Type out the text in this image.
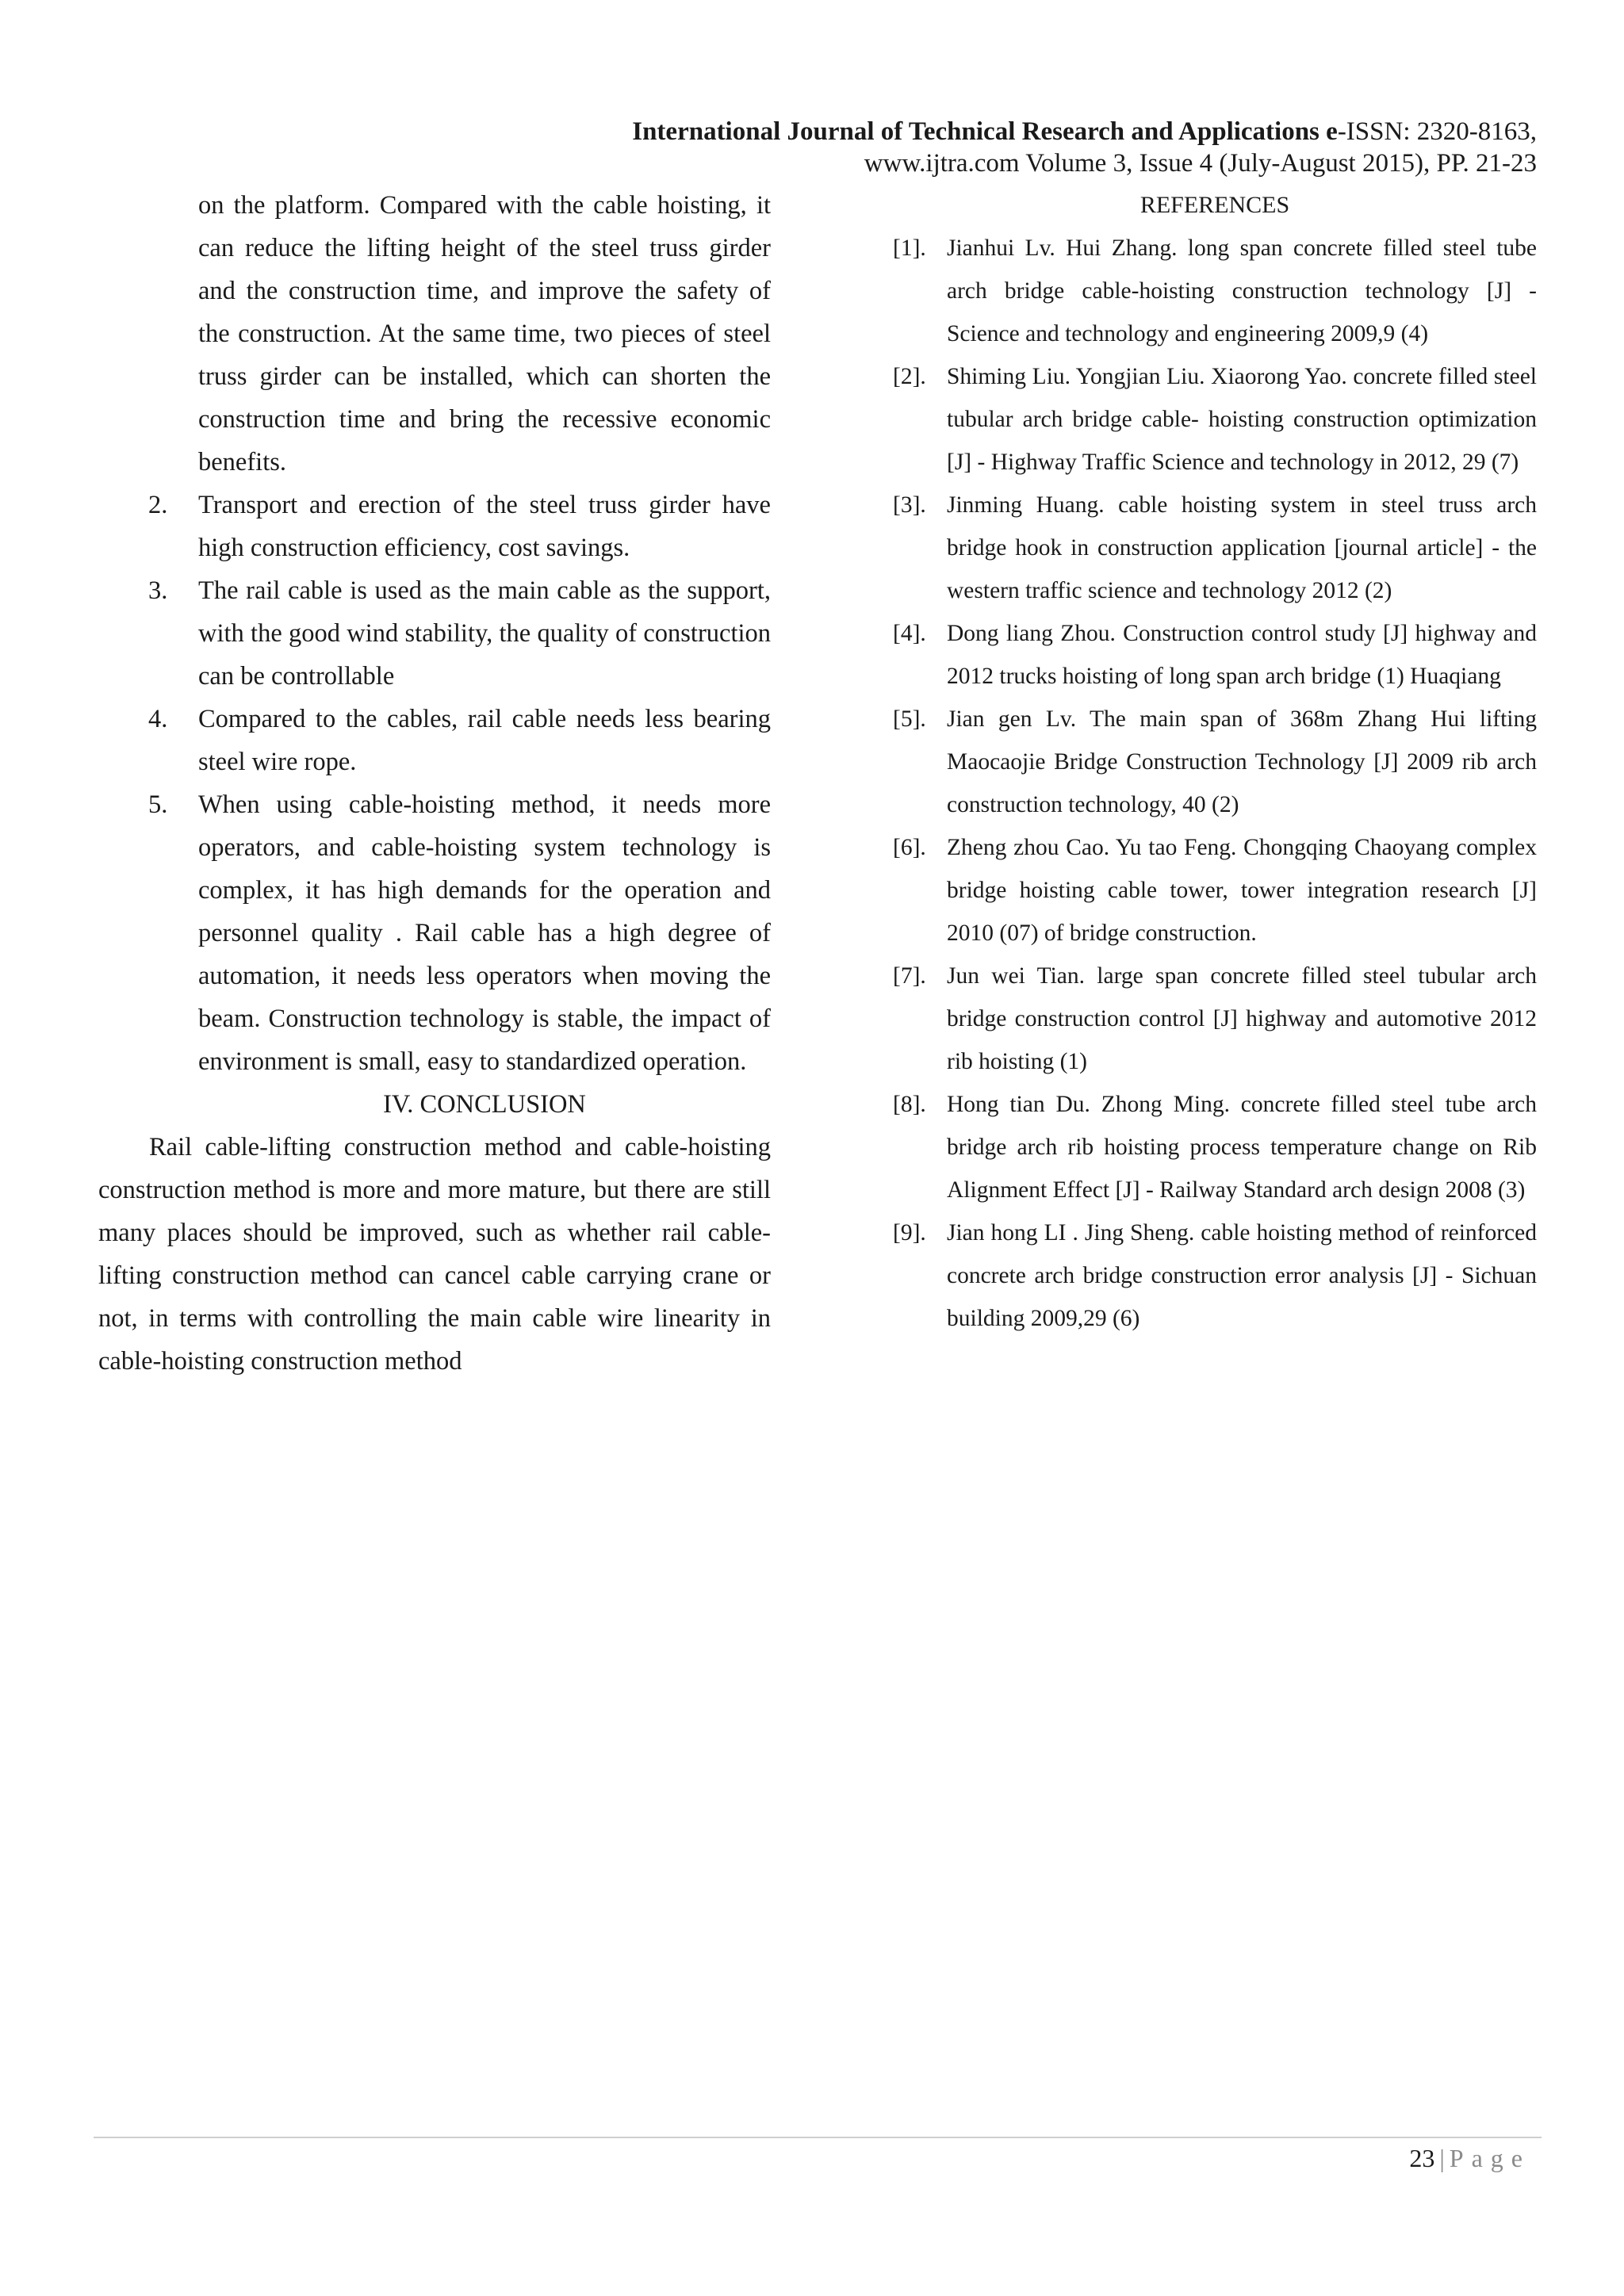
International Journal of Technical Research and Applications e-ISSN: 2320-8163,
www.ijtra.com Volume 3, Issue 4 (July-August 2015), PP. 21-23
on the platform. Compared with the cable hoisting, it can reduce the lifting height of the steel truss girder and the construction time, and improve the safety of the construction. At the same time, two pieces of steel truss girder can be installed, which can shorten the construction time and bring the recessive economic benefits.
2.	Transport and erection of the steel truss girder have high construction efficiency, cost savings.
3.	The rail cable is used as the main cable as the support, with the good wind stability, the quality of construction can be controllable
4.	Compared to the cables, rail cable needs less bearing steel wire rope.
5.	When using cable-hoisting method, it needs more operators, and cable-hoisting system technology is complex, it has high demands for the operation and personnel quality . Rail cable has a high degree of automation, it needs less operators when moving the beam. Construction technology is stable, the impact of environment is small, easy to standardized operation.
IV. CONCLUSION
Rail cable-lifting construction method and cable-hoisting construction method is more and more mature, but there are still many places should be improved, such as whether rail cable-lifting construction method can cancel cable carrying crane or not, in terms with controlling the main cable wire linearity in cable-hoisting construction method
REFERENCES
[1]. Jianhui Lv. Hui Zhang. long span concrete filled steel tube arch bridge cable-hoisting construction technology [J] - Science and technology and engineering 2009,9 (4)
[2]. Shiming Liu. Yongjian Liu. Xiaorong Yao. concrete filled steel tubular arch bridge cable- hoisting construction optimization [J] - Highway Traffic Science and technology in 2012, 29 (7)
[3]. Jinming Huang. cable hoisting system in steel truss arch bridge hook in construction application [journal article] - the western traffic science and technology 2012 (2)
[4]. Dong liang Zhou. Construction control study [J] highway and 2012 trucks hoisting of long span arch bridge (1) Huaqiang
[5]. Jian gen Lv. The main span of 368m Zhang Hui lifting Maocaojie Bridge Construction Technology [J] 2009 rib arch construction technology, 40 (2)
[6]. Zheng zhou Cao. Yu tao Feng. Chongqing Chaoyang complex bridge hoisting cable tower, tower integration research [J] 2010 (07) of bridge construction.
[7]. Jun wei Tian. large span concrete filled steel tubular arch bridge construction control [J] highway and automotive 2012 rib hoisting (1)
[8]. Hong tian Du. Zhong Ming. concrete filled steel tube arch bridge arch rib hoisting process temperature change on Rib Alignment Effect [J] - Railway Standard arch design 2008 (3)
[9]. Jian hong LI . Jing Sheng. cable hoisting method of reinforced concrete arch bridge construction error analysis [J] - Sichuan building 2009,29 (6)
23 | Page
